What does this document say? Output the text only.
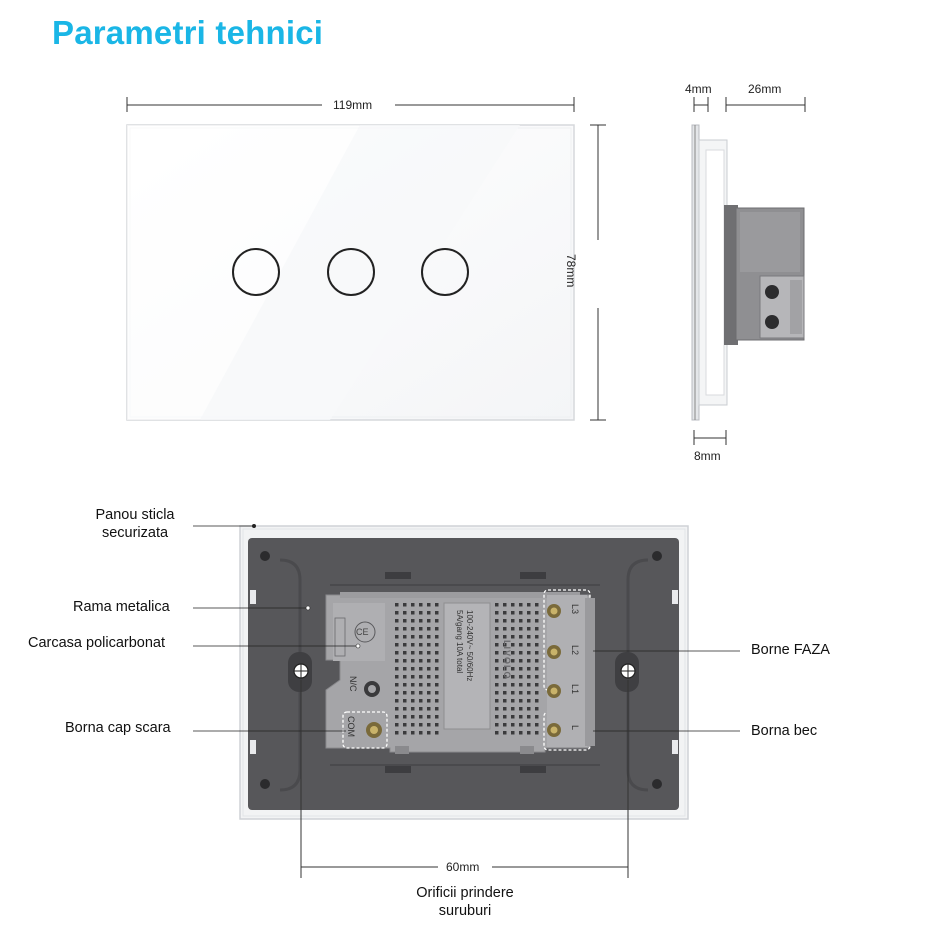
Parametri tehnici
119mm
78mm
4mm	26mm
8mm
60mm
Panou sticla
securizata
Rama metalica
Carcasa policarbonat
Borna cap scara
Borne FAZA
Borna bec
Orificii prindere
suruburi
100-240V~ 50/60Hz
5A/gang 10A total	LIVOLO
CE
N/C
COM
L3
L2
L1
L
